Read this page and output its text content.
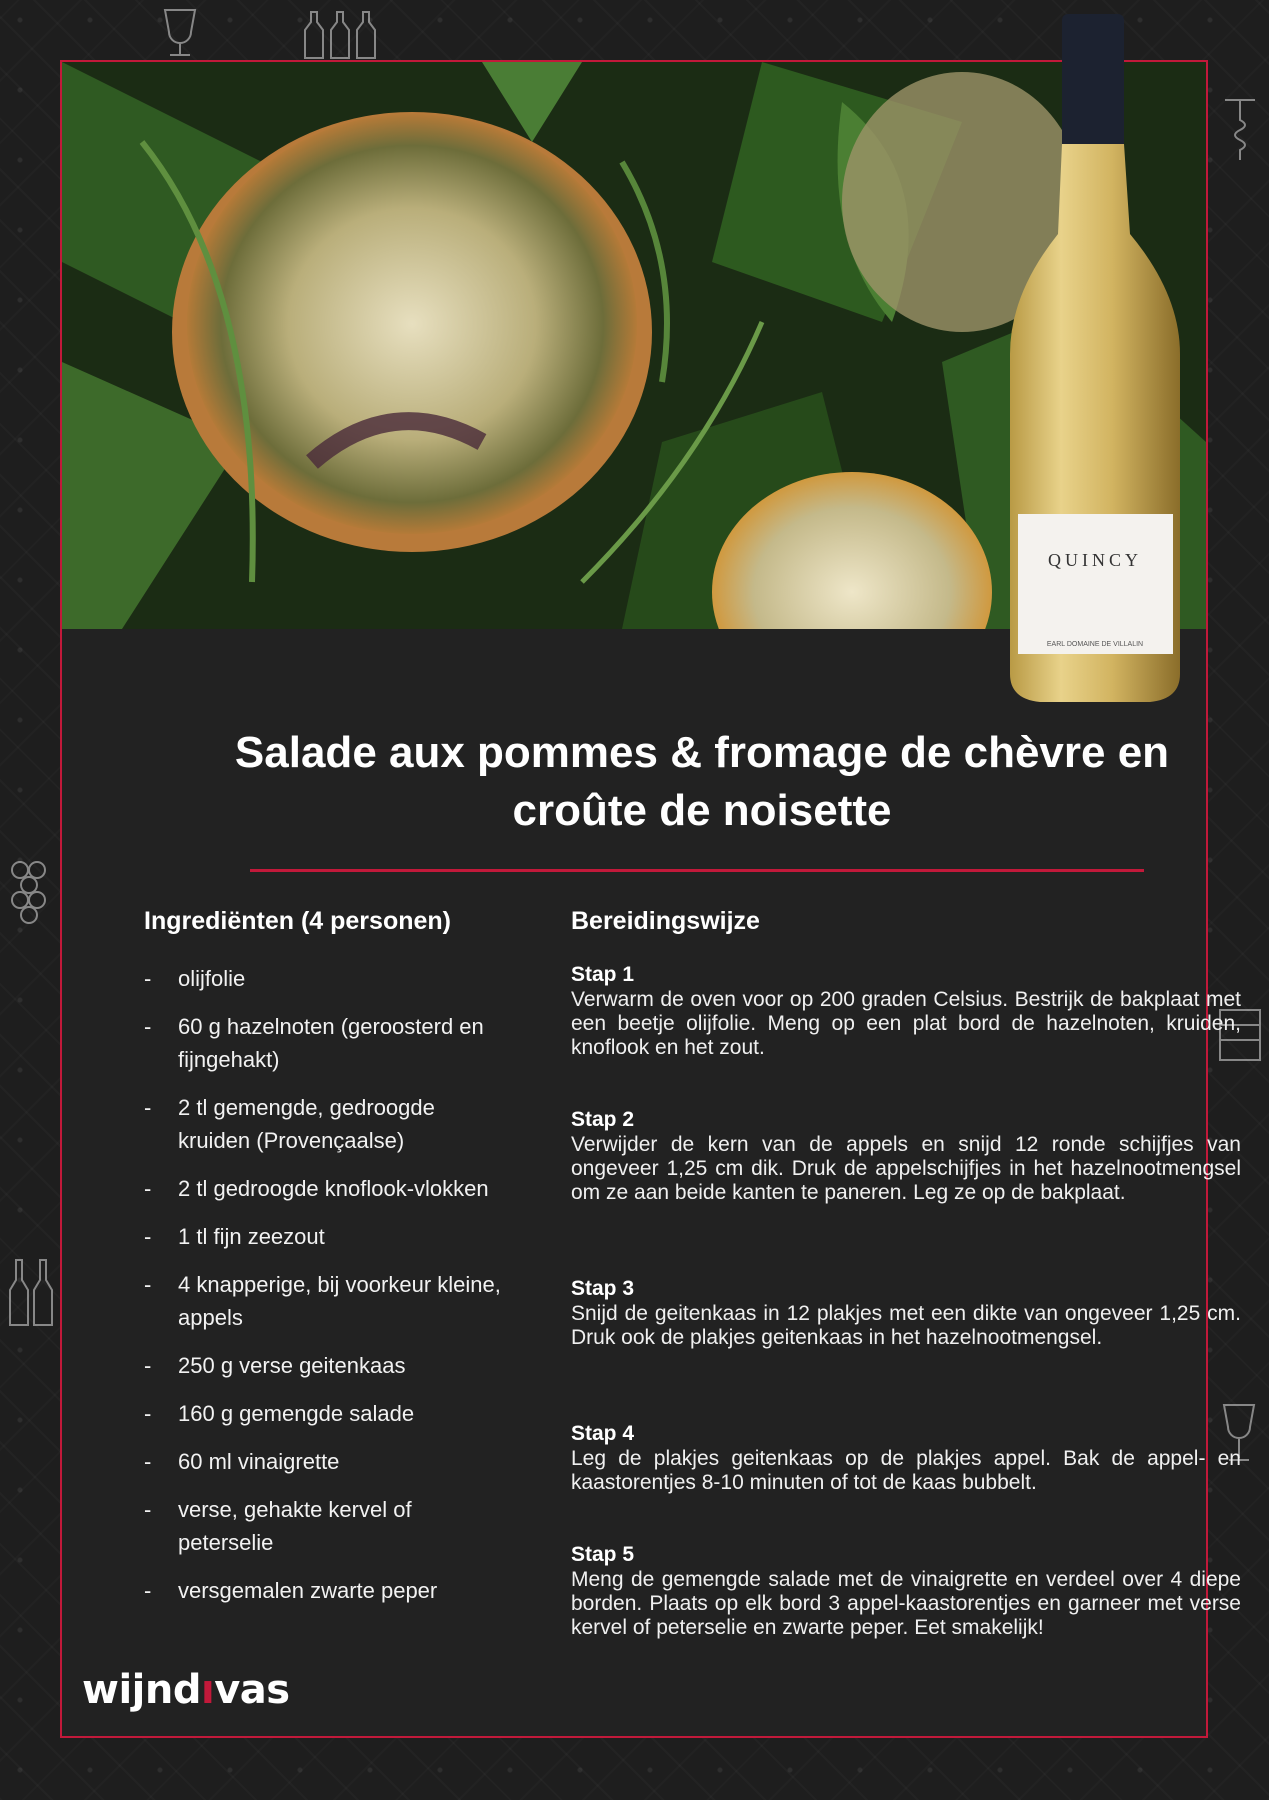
Salade aux pommes & fromage de chèvre en croûte de noisette
Ingrediënten (4 personen)
- olijfolie
- 60 g hazelnoten (geroosterd en fijngehakt)
- 2 tl gemengde, gedroogde kruiden (Provençaalse)
- 2 tl gedroogde knoflook-vlokken
- 1 tl fijn zeezout
- 4 knapperige, bij voorkeur kleine, appels
- 250 g verse geitenkaas
- 160 g gemengde salade
- 60 ml vinaigrette
- verse, gehakte kervel of peterselie
- versgemalen zwarte peper
Bereidingswijze
Stap 1
Verwarm de oven voor op 200 graden Celsius. Bestrijk de bakplaat met een beetje olijfolie. Meng op een plat bord de hazelnoten, kruiden, knoflook en het zout.
Stap 2
Verwijder de kern van de appels en snijd 12 ronde schijfjes van ongeveer 1,25 cm dik. Druk de appelschijfjes in het hazelnootmengsel om ze aan beide kanten te paneren. Leg ze op de bakplaat.
Stap 3
Snijd de geitenkaas in 12 plakjes met een dikte van ongeveer 1,25 cm. Druk ook de plakjes geitenkaas in het hazelnootmengsel.
Stap 4
Leg de plakjes geitenkaas op de plakjes appel. Bak de appel- en kaastorentjes 8-10 minuten of tot de kaas bubbelt.
Stap 5
Meng de gemengde salade met de vinaigrette en verdeel over 4 diepe borden. Plaats op elk bord 3 appel-kaastorentjes en garneer met verse kervel of peterselie en zwarte peper. Eet smakelijk!
wijndıvas
QUINCY
EARL DOMAINE DE VILLALIN
